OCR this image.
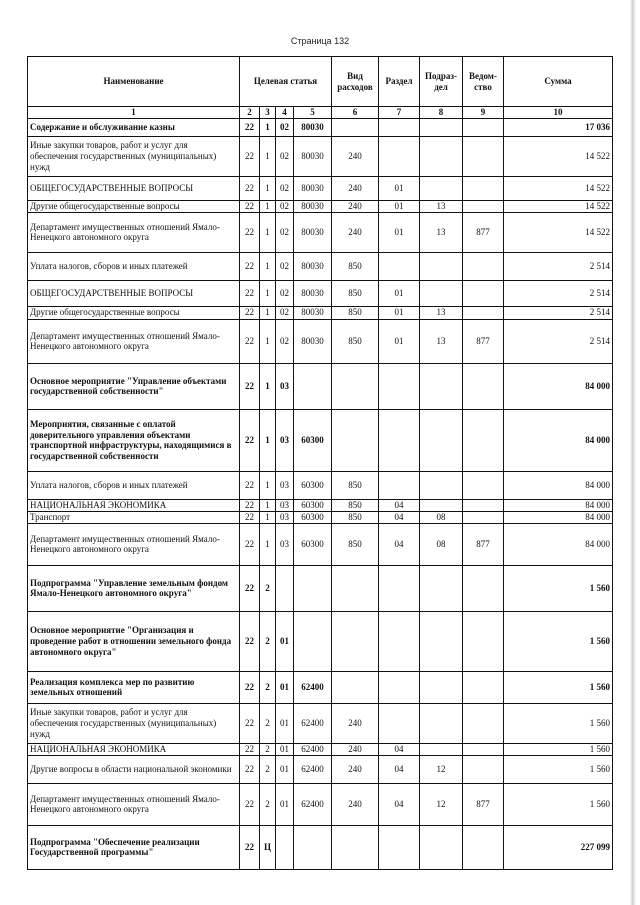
Страница 132
Наименование	Целевая статья				Вид расходов	Раздел	Подраз-дел	Ведом-ство	Сумма
1	2	3	4	5	6	7	8	9	10
Содержание и обслуживание казны	22	1	02	80030					17 036
Иные закупки товаров, работ и услуг для обеспечения государственных (муниципальных) нужд	22	1	02	80030	240				14 522
ОБЩЕГОСУДАРСТВЕННЫЕ ВОПРОСЫ	22	1	02	80030	240	01			14 522
Другие общегосударственные вопросы	22	1	02	80030	240	01	13		14 522
Департамент имущественных отношений Ямало-Ненецкого автономного округа	22	1	02	80030	240	01	13	877	14 522
Уплата налогов, сборов и иных платежей	22	1	02	80030	850				2 514
ОБЩЕГОСУДАРСТВЕННЫЕ ВОПРОСЫ	22	1	02	80030	850	01			2 514
Другие общегосударственные вопросы	22	1	02	80030	850	01	13		2 514
Департамент имущественных отношений Ямало-Ненецкого автономного округа	22	1	02	80030	850	01	13	877	2 514
Основное мероприятие "Управление объектами государственной собственности"	22	1	03						84 000
Мероприятия, связанные с оплатой доверительного управления объектами транспортной инфраструктуры, находящимися в государственной собственности	22	1	03	60300					84 000
Уплата налогов, сборов и иных платежей	22	1	03	60300	850				84 000
НАЦИОНАЛЬНАЯ ЭКОНОМИКА	22	1	03	60300	850	04			84 000
Транспорт	22	1	03	60300	850	04	08		84 000
Департамент имущественных отношений Ямало-Ненецкого автономного округа	22	1	03	60300	850	04	08	877	84 000
Подпрограмма "Управление земельным фондом Ямало-Ненецкого автономного округа"	22	2							1 560
Основное мероприятие "Организация и проведение работ в отношении земельного фонда автономного округа"	22	2	01						1 560
Реализация комплекса мер по развитию земельных отношений	22	2	01	62400					1 560
Иные закупки товаров, работ и услуг для обеспечения государственных (муниципальных) нужд	22	2	01	62400	240				1 560
НАЦИОНАЛЬНАЯ ЭКОНОМИКА	22	2	01	62400	240	04			1 560
Другие вопросы в области национальной экономики	22	2	01	62400	240	04	12		1 560
Департамент имущественных отношений Ямало-Ненецкого автономного округа	22	2	01	62400	240	04	12	877	1 560
Подпрограмма "Обеспечение реализации Государственной программы"	22	Ц							227 099
